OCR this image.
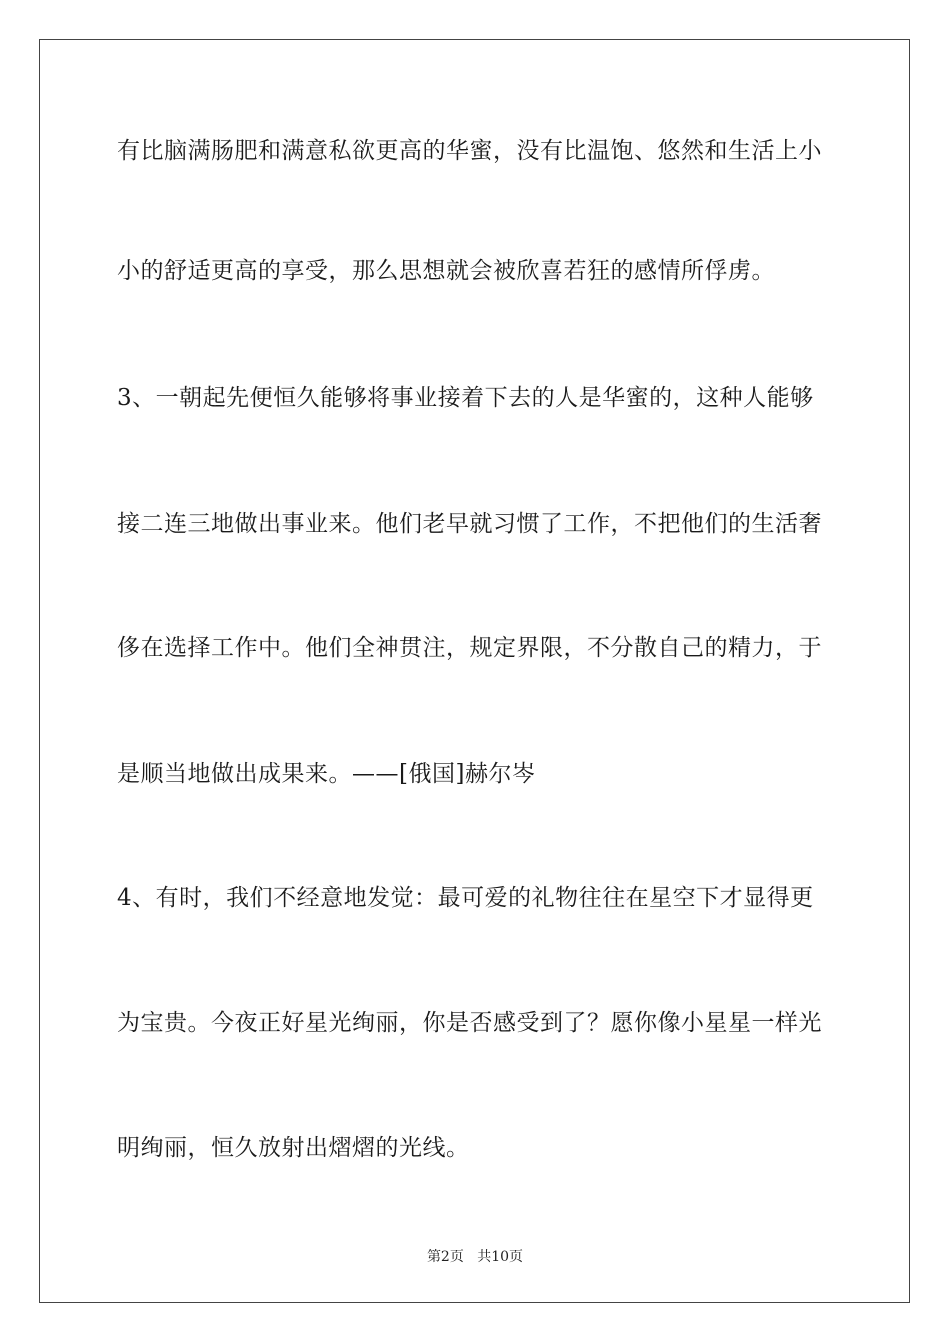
有比脑满肠肥和满意私欲更高的华蜜，没有比温饱、悠然和生活上小
小的舒适更高的享受，那么思想就会被欣喜若狂的感情所俘虏。
3、一朝起先便恒久能够将事业接着下去的人是华蜜的，这种人能够
接二连三地做出事业来。他们老早就习惯了工作，不把他们的生活奢
侈在选择工作中。他们全神贯注，规定界限，不分散自己的精力，于
是顺当地做出成果来。——[俄国]赫尔岑
4、有时，我们不经意地发觉：最可爱的礼物往往在星空下才显得更
为宝贵。今夜正好星光绚丽，你是否感受到了？愿你像小星星一样光
明绚丽，恒久放射出熠熠的光线。
第2页 共10页
